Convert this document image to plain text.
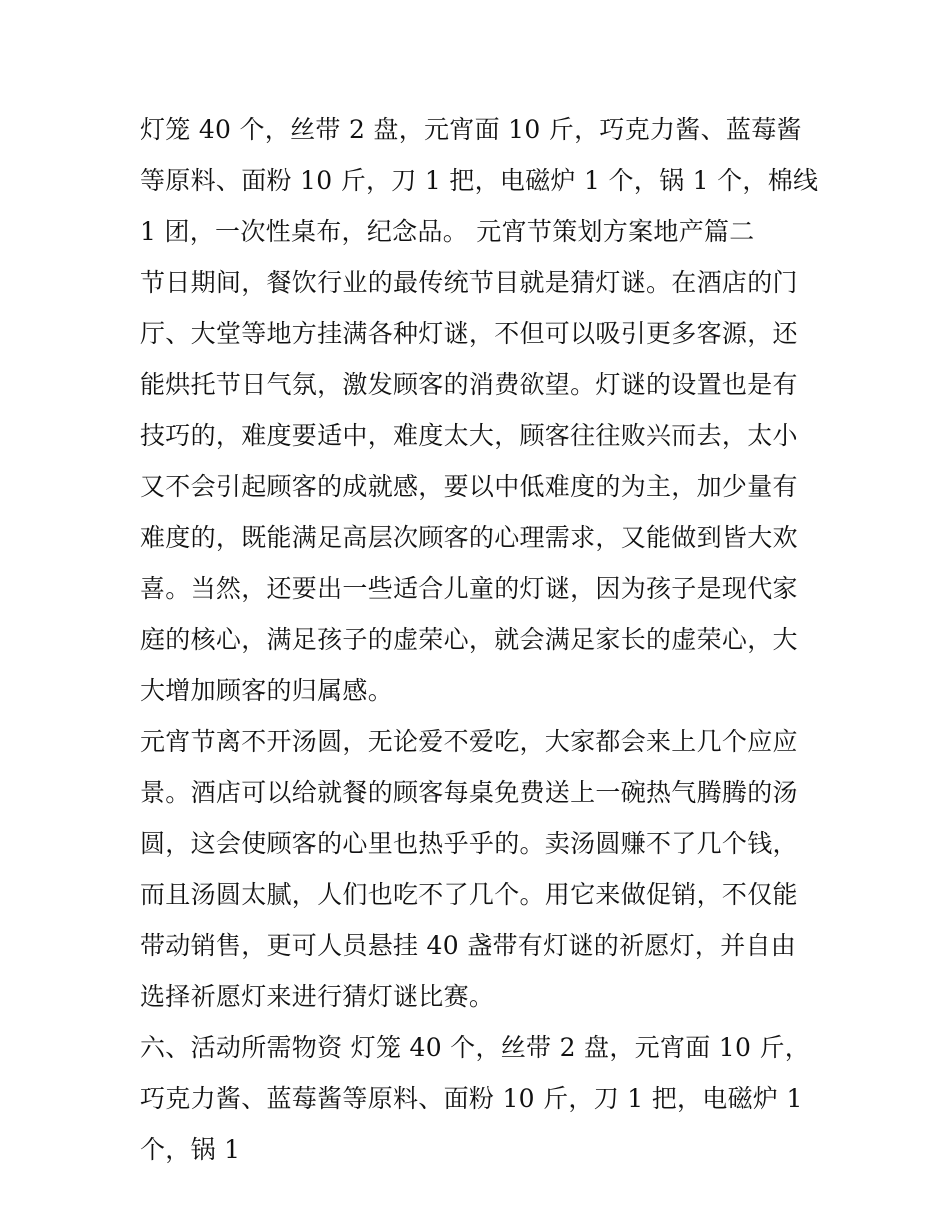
灯笼 40 个，丝带 2 盘，元宵面 10 斤，巧克力酱、蓝莓酱等原料、面粉 10 斤，刀 1 把，电磁炉 1 个，锅 1 个，棉线 1 团，一次性桌布，纪念品。 元宵节策划方案地产篇二

节日期间，餐饮行业的最传统节目就是猜灯谜。在酒店的门厅、大堂等地方挂满各种灯谜，不但可以吸引更多客源，还能烘托节日气氛，激发顾客的消费欲望。灯谜的设置也是有技巧的，难度要适中，难度太大，顾客往往败兴而去，太小又不会引起顾客的成就感，要以中低难度的为主，加少量有难度的，既能满足高层次顾客的心理需求，又能做到皆大欢喜。当然，还要出一些适合儿童的灯谜，因为孩子是现代家庭的核心，满足孩子的虚荣心，就会满足家长的虚荣心，大大增加顾客的归属感。

元宵节离不开汤圆，无论爱不爱吃，大家都会来上几个应应景。酒店可以给就餐的顾客每桌免费送上一碗热气腾腾的汤圆，这会使顾客的心里也热乎乎的。卖汤圆赚不了几个钱，而且汤圆太腻，人们也吃不了几个。用它来做促销，不仅能带动销售，更可人员悬挂 40 盏带有灯谜的祈愿灯，并自由选择祈愿灯来进行猜灯谜比赛。

六、活动所需物资 灯笼 40 个，丝带 2 盘，元宵面 10 斤，巧克力酱、蓝莓酱等原料、面粉 10 斤，刀 1 把，电磁炉 1 个，锅 1
